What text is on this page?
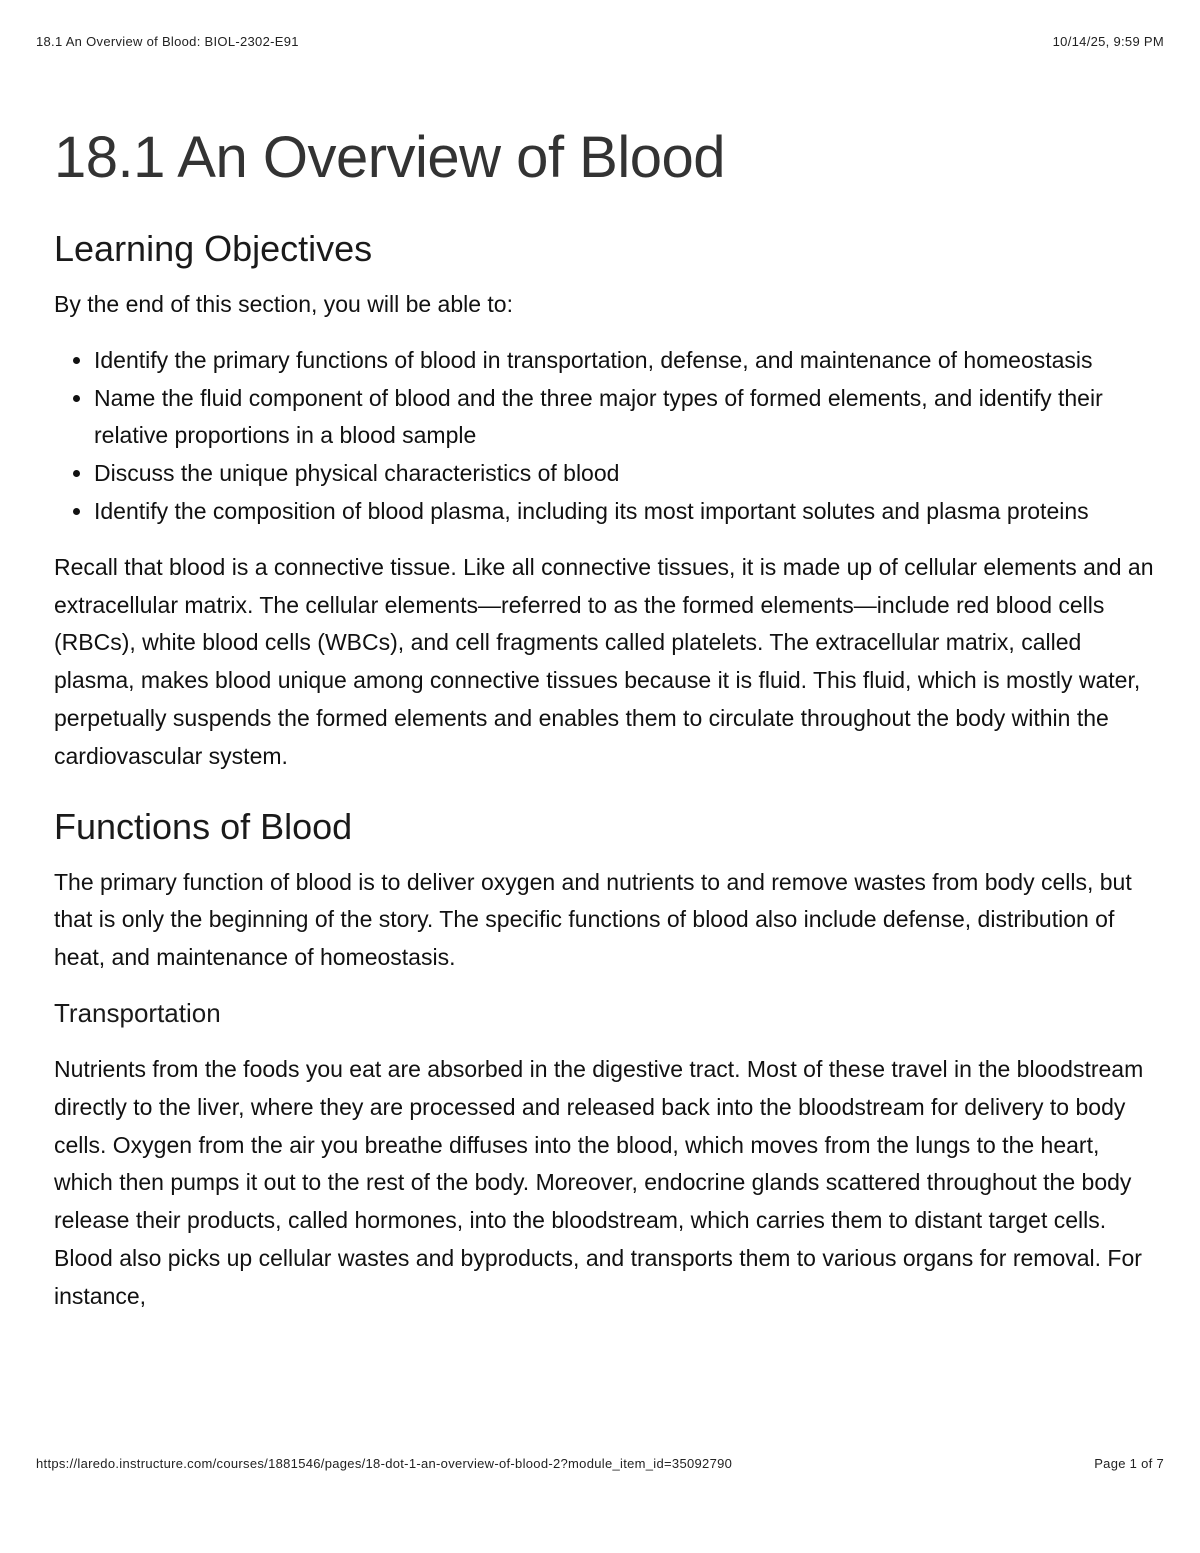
18.1 An Overview of Blood: BIOL-2302-E91	10/14/25, 9:59 PM
18.1 An Overview of Blood
Learning Objectives

By the end of this section, you will be able to:

• Identify the primary functions of blood in transportation, defense, and maintenance of homeostasis
• Name the fluid component of blood and the three major types of formed elements, and identify their relative proportions in a blood sample
• Discuss the unique physical characteristics of blood
• Identify the composition of blood plasma, including its most important solutes and plasma proteins

Recall that blood is a connective tissue. Like all connective tissues, it is made up of cellular elements and an extracellular matrix. The cellular elements—referred to as the formed elements—include red blood cells (RBCs), white blood cells (WBCs), and cell fragments called platelets. The extracellular matrix, called plasma, makes blood unique among connective tissues because it is fluid. This fluid, which is mostly water, perpetually suspends the formed elements and enables them to circulate throughout the body within the cardiovascular system.

Functions of Blood

The primary function of blood is to deliver oxygen and nutrients to and remove wastes from body cells, but that is only the beginning of the story. The specific functions of blood also include defense, distribution of heat, and maintenance of homeostasis.

Transportation

Nutrients from the foods you eat are absorbed in the digestive tract. Most of these travel in the bloodstream directly to the liver, where they are processed and released back into the bloodstream for delivery to body cells. Oxygen from the air you breathe diffuses into the blood, which moves from the lungs to the heart, which then pumps it out to the rest of the body. Moreover, endocrine glands scattered throughout the body release their products, called hormones, into the bloodstream, which carries them to distant target cells. Blood also picks up cellular wastes and byproducts, and transports them to various organs for removal. For instance,

https://laredo.instructure.com/courses/1881546/pages/18-dot-1-an-overview-of-blood-2?module_item_id=35092790	Page 1 of 7
